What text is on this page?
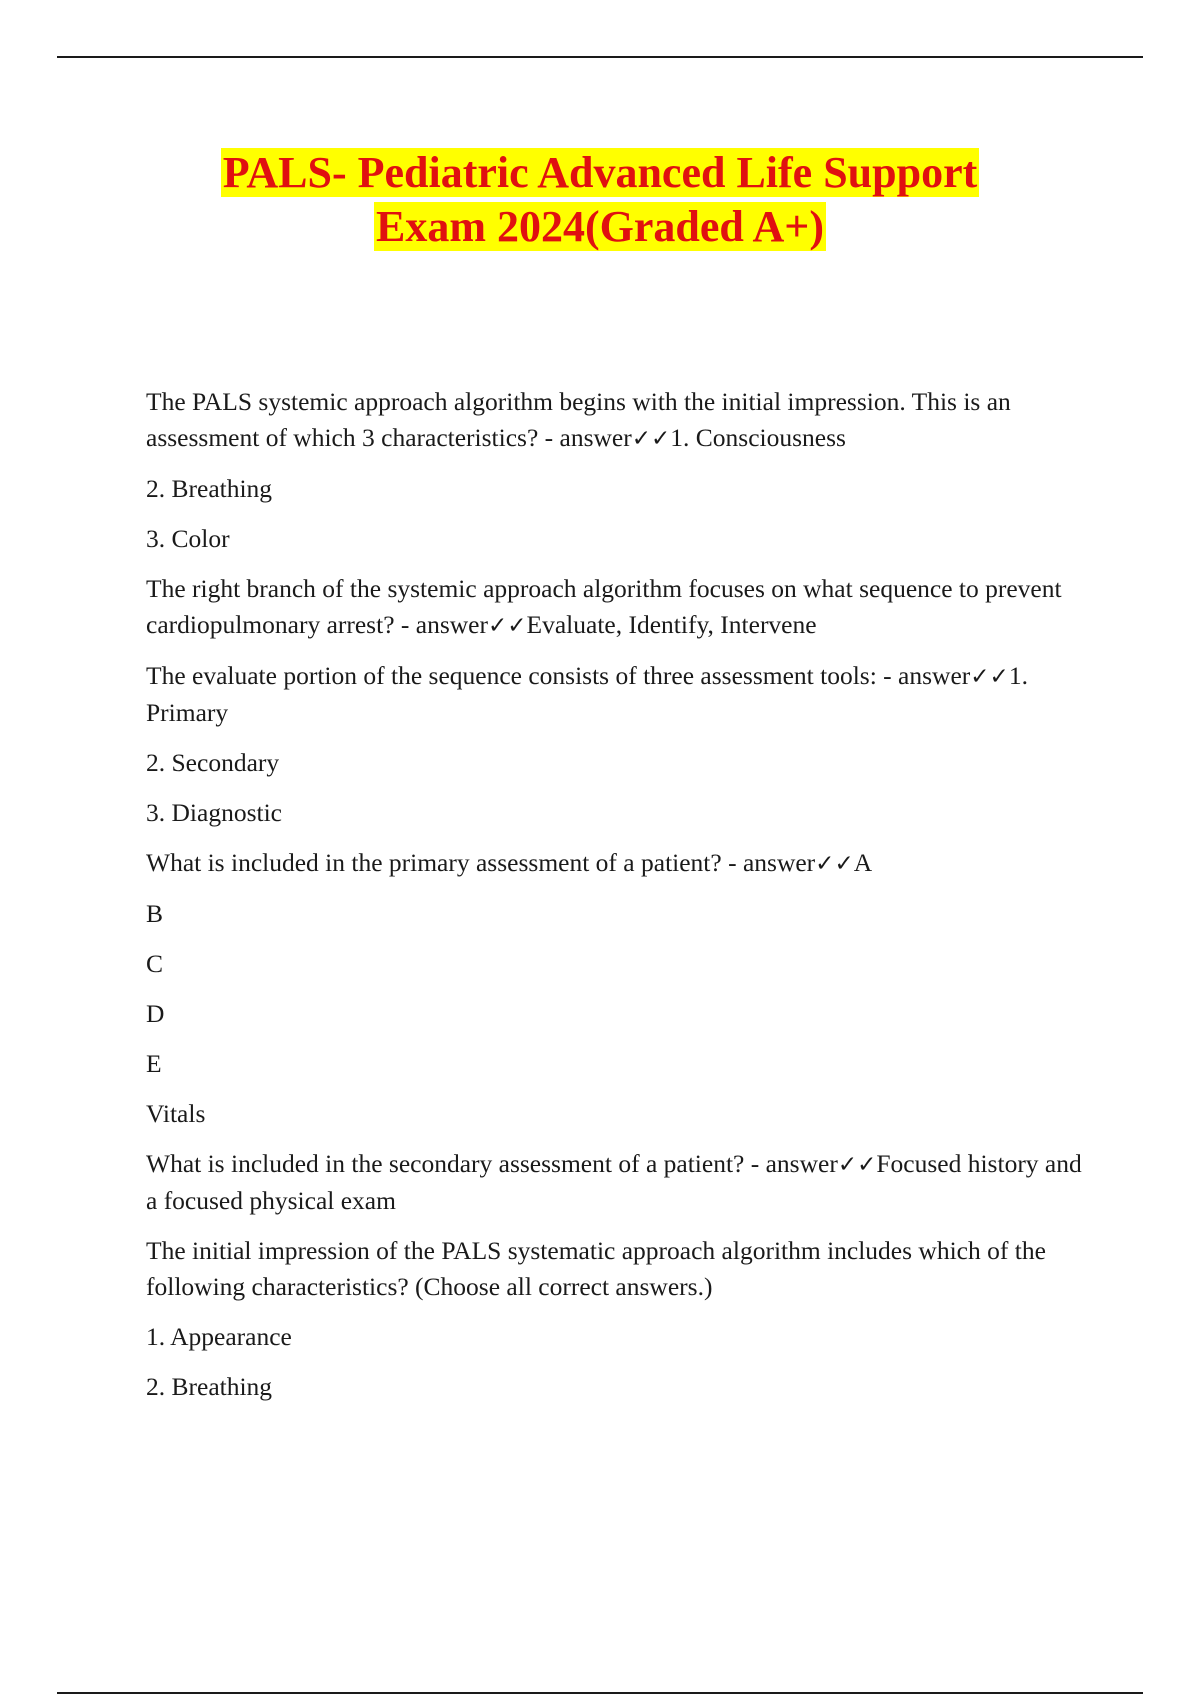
PALS- Pediatric Advanced Life Support
Exam 2024(Graded A+)

The PALS systemic approach algorithm begins with the initial impression. This is an assessment of which 3 characteristics? - answer✓✓1. Consciousness

2. Breathing

3. Color

The right branch of the systemic approach algorithm focuses on what sequence to prevent cardiopulmonary arrest? - answer✓✓Evaluate, Identify, Intervene

The evaluate portion of the sequence consists of three assessment tools: - answer✓✓1. Primary

2. Secondary

3. Diagnostic

What is included in the primary assessment of a patient? - answer✓✓A

B

C

D

E

Vitals

What is included in the secondary assessment of a patient? - answer✓✓Focused history and a focused physical exam

The initial impression of the PALS systematic approach algorithm includes which of the following characteristics? (Choose all correct answers.)

1. Appearance

2. Breathing
